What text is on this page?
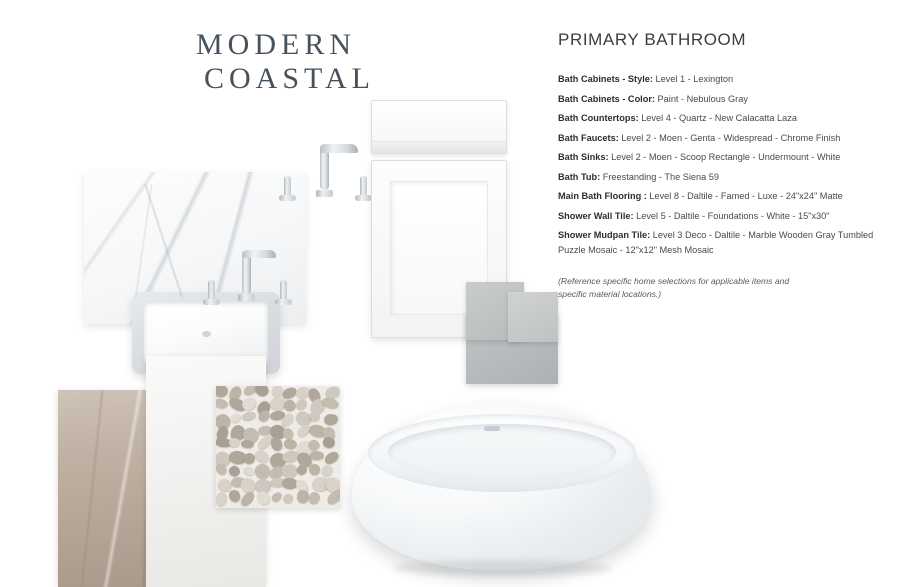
MODERN
COASTAL
PRIMARY BATHROOM
Bath Cabinets - Style: Level 1 - Lexington
Bath Cabinets - Color: Paint - Nebulous Gray
Bath Countertops: Level 4 - Quartz - New Calacatta Laza
Bath Faucets: Level 2 - Moen - Genta - Widespread - Chrome Finish
Bath Sinks: Level 2 - Moen - Scoop Rectangle - Undermount - White
Bath Tub: Freestanding - The Siena 59
Main Bath Flooring : Level 8 - Daltile - Famed - Luxe - 24"x24" Matte
Shower Wall Tile: Level 5 - Daltile - Foundations - White - 15"x30"
Shower Mudpan Tile: Level 3 Deco - Daltile - Marble Wooden Gray Tumbled Puzzle Mosaic - 12"x12" Mesh Mosaic
(Reference specific home selections for applicable items and specific material locations.)
